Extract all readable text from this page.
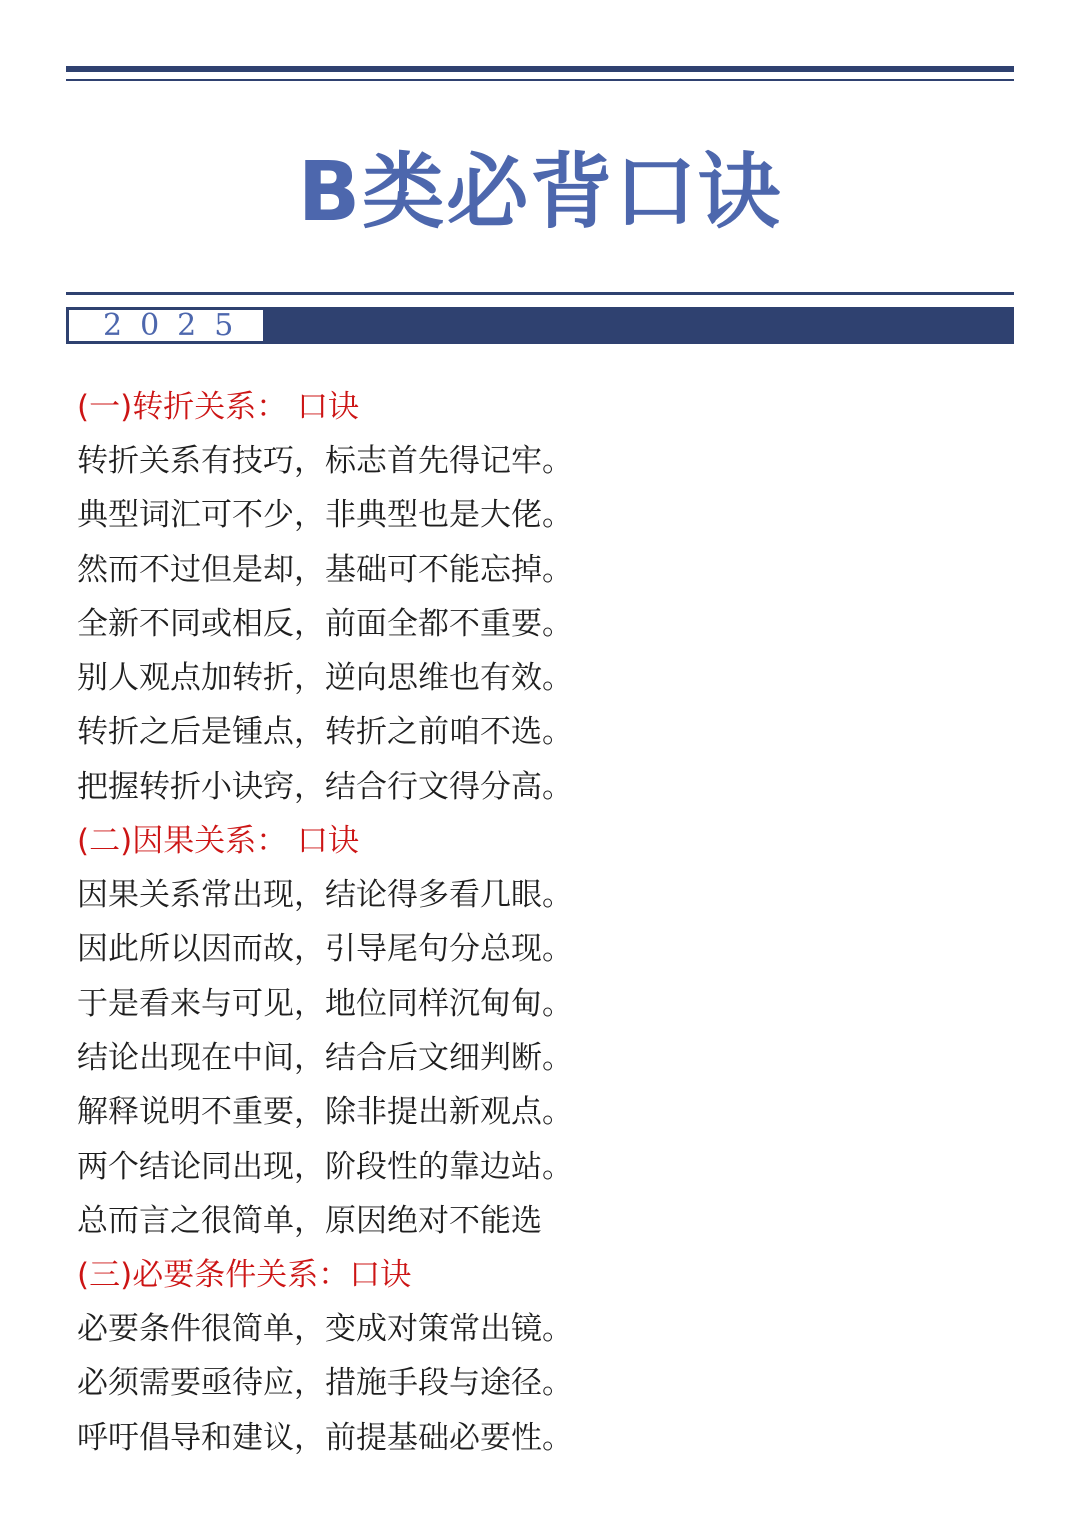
B类必背口诀
2025
(一)转折关系： 口诀
转折关系有技巧，标志首先得记牢。
典型词汇可不少，非典型也是大佬。
然而不过但是却，基础可不能忘掉。
全新不同或相反，前面全都不重要。
别人观点加转折，逆向思维也有效。
转折之后是锺点，转折之前咱不选。
把握转折小诀窍，结合行文得分高。
(二)因果关系： 口诀
因果关系常出现，结论得多看几眼。
因此所以因而故，引导尾句分总现。
于是看来与可见，地位同样沉甸甸。
结论出现在中间，结合后文细判断。
解释说明不重要，除非提出新观点。
两个结论同出现，阶段性的靠边站。
总而言之很简单，原因绝对不能选
(三)必要条件关系：口诀
必要条件很简单，变成对策常出镜。
必须需要亟待应，措施手段与途径。
呼吁倡导和建议，前提基础必要性。
